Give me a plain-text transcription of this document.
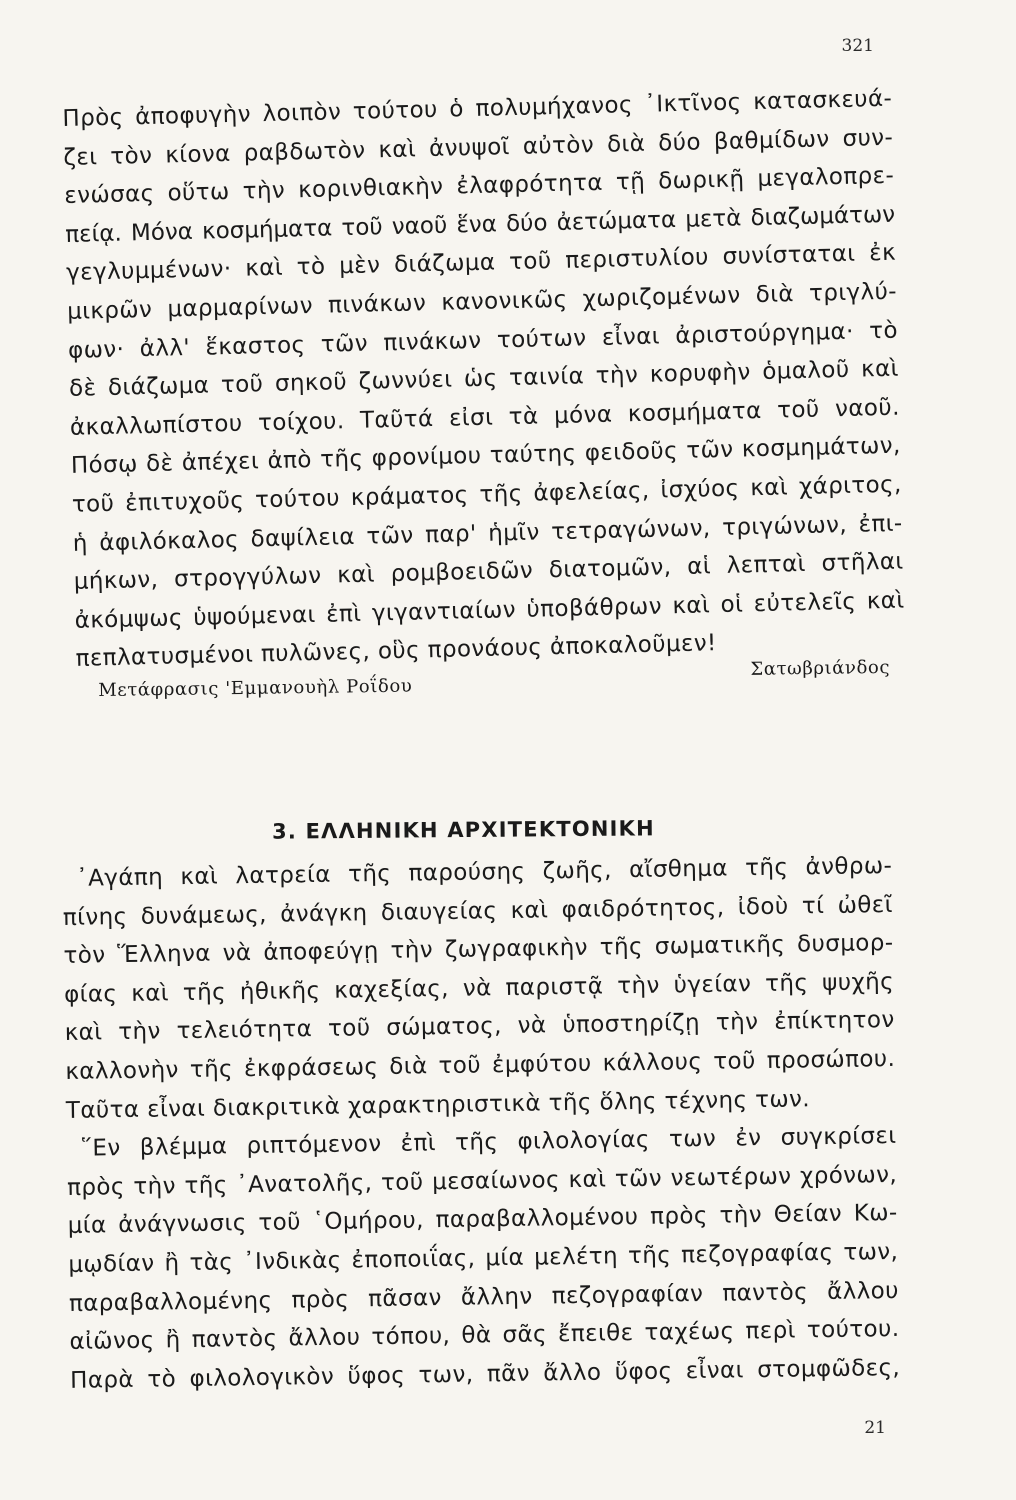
321
Πρὸς ἀποφυγὴν λοιπὸν τούτου ὁ πολυμήχανος ᾿Ικτῖνος κατασκευά-
ζει τὸν κίονα ραβδωτὸν καὶ ἀνυψοῖ αὐτὸν διὰ δύο βαθμίδων συν-
ενώσας οὕτω τὴν κορινθιακὴν ἐλαφρότητα τῇ δωρικῇ μεγαλοπρε-
πείᾳ. Μόνα κοσμήματα τοῦ ναοῦ ἕνα δύο ἀετώματα μετὰ διαζωμάτων
γεγλυμμένων· καὶ τὸ μὲν διάζωμα τοῦ περιστυλίου συνίσταται ἐκ
μικρῶν μαρμαρίνων πινάκων κανονικῶς χωριζομένων διὰ τριγλύ-
φων· ἀλλ' ἕκαστος τῶν πινάκων τούτων εἶναι ἀριστούργημα· τὸ
δὲ διάζωμα τοῦ σηκοῦ ζωννύει ὡς ταινία τὴν κορυφὴν ὁμαλοῦ καὶ
ἀκαλλωπίστου τοίχου. Ταῦτά εἰσι τὰ μόνα κοσμήματα τοῦ ναοῦ.
Πόσῳ δὲ ἀπέχει ἀπὸ τῆς φρονίμου ταύτης φειδοῦς τῶν κοσμημάτων,
τοῦ ἐπιτυχοῦς τούτου κράματος τῆς ἀφελείας, ἰσχύος καὶ χάριτος,
ἡ ἀφιλόκαλος δαψίλεια τῶν παρ' ἡμῖν τετραγώνων, τριγώνων, ἐπι-
μήκων, στρογγύλων καὶ ρομβοειδῶν διατομῶν, αἱ λεπταὶ στῆλαι
ἀκόμψως ὑψούμεναι ἐπὶ γιγαντιαίων ὑποβάθρων καὶ οἱ εὐτελεῖς καὶ
πεπλατυσμένοι πυλῶνες, οὓς προνάους ἀποκαλοῦμεν!
Μετάφρασις 'Εμμανουὴλ Ροΐδου
Σατωβριάνδος
3. ΕΛΛΗΝΙΚΗ ΑΡΧΙΤΕΚΤΟΝΙΚΗ
᾿Αγάπη καὶ λατρεία τῆς παρούσης ζωῆς, αἴσθημα τῆς ἀνθρω-
πίνης δυνάμεως, ἀνάγκη διαυγείας καὶ φαιδρότητος, ἰδοὺ τί ὠθεῖ
τὸν Ἕλληνα νὰ ἀποφεύγῃ τὴν ζωγραφικὴν τῆς σωματικῆς δυσμορ-
φίας καὶ τῆς ἠθικῆς καχεξίας, νὰ παριστᾷ τὴν ὑγείαν τῆς ψυχῆς
καὶ τὴν τελειότητα τοῦ σώματος, νὰ ὑποστηρίζῃ τὴν ἐπίκτητον
καλλονὴν τῆς ἐκφράσεως διὰ τοῦ ἐμφύτου κάλλους τοῦ προσώπου.
Ταῦτα εἶναι διακριτικὰ χαρακτηριστικὰ τῆς ὅλης τέχνης των.
῞Εν βλέμμα ριπτόμενον ἐπὶ τῆς φιλολογίας των ἐν συγκρίσει
πρὸς τὴν τῆς ᾿Ανατολῆς, τοῦ μεσαίωνος καὶ τῶν νεωτέρων χρόνων,
μία ἀνάγνωσις τοῦ ῾Ομήρου, παραβαλλομένου πρὸς τὴν Θείαν Κω-
μῳδίαν ἢ τὰς ᾿Ινδικὰς ἐποποιΐας, μία μελέτη τῆς πεζογραφίας των,
παραβαλλομένης πρὸς πᾶσαν ἄλλην πεζογραφίαν παντὸς ἄλλου
αἰῶνος ἢ παντὸς ἄλλου τόπου, θὰ σᾶς ἔπειθε ταχέως περὶ τούτου.
Παρὰ τὸ φιλολογικὸν ὕφος των, πᾶν ἄλλο ὕφος εἶναι στομφῶδες,
21
